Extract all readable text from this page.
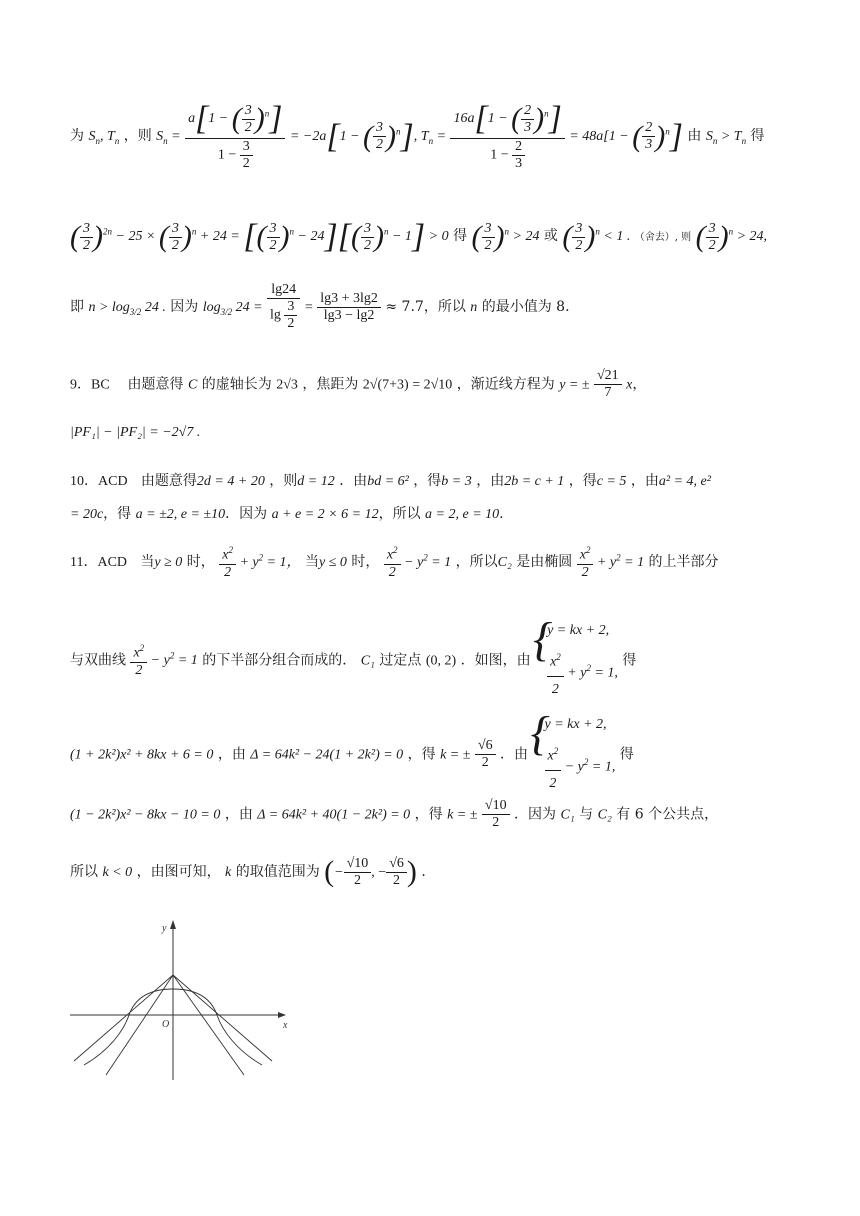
为 $S_n$, $T_n$ ，则 $S_n = \frac{a[1 - ( \frac{3}{2} )^n]}{1 - \frac{3}{2}} = -2a[1$ − ( $\frac{3}{2} )^n$], $T_n = \frac{16a[1 - ( \frac{2}{3} )^n]}{1 - \frac{2}{3}} = 48a[1$ − ( $\frac{2}{3} )^n$] 由 $S_n > T_n$ 得
( $\frac{3}{2} )^{2n} - 25$ × ( $\frac{3}{2} )^n + 24$ = [( $\frac{3}{2} )^n - 24][( \frac{3}{2} )^n - 1] > 0$ 得 ( $\frac{3}{2} )^n > 24$ 或 ( $\frac{3}{2} )^n < 1$ . （舍去）, 则 ( $\frac{3}{2} )^n > 24$,
即 $n > \log_{3/2} 24$ . 因为 $\log_{3/2} 24 = \frac{\lg 24}{\lg \frac{3}{2}} = \frac{\lg 3 + 3\lg 2}{\lg 3 - \lg 2} \approx 7.7$，所以 n 的最小值为 8.
9．BC 由题意得 C 的虚轴长为 2√3 ，焦距为 2√(7+3) = 2√10 ，渐近线方程为 y = ± $\frac{√21}{7}$ x，
|PF₁| − |PF₂| = −2√7 .
10．ACD 由题意得2d = 4 + 20 ，则d = 12 ．由bd = 6² ，得b = 3 ，由2b = c + 1 ，得c = 5 ，由a² = 4, e²
= 20c，得 a = ±2, e = ±10．因为 a + e = 2 × 6 = 12，所以 a = 2, e = 10.
11．ACD 当y ≥ 0 时， $\frac{x^2}{2} + y^2 = 1$， 当y ≤ 0 时， $\frac{x^2}{2} - y^2 = 1$ ，所以C₂ 是由椭圆 $\frac{x^2}{2} + y^2 = 1$ 的上半部分
与双曲线 $\frac{x^2}{2} - y^2 = 1$ 的下半部分组合而成的． C₁ 过定点 (0, 2) ．如图，由
{ y = kx + 2,
$\frac{x^2}{2} + y^2 = 1$,
得
(1 + 2k²)x² + 8kx + 6 = 0 ，由 Δ = 64k² − 24(1 + 2k²) = 0 ，得 k = ± $\frac{√6}{2}$ ．由
{ y = kx + 2,
$\frac{x^2}{2} - y^2 = 1$,
得
(1 − 2k²)x² − 8kx − 10 = 0 ，由 Δ = 64k² + 40(1 − 2k²) = 0 ，得 k = ± $\frac{√10}{2}$ ．因为 C₁ 与 C₂ 有 6 个公共点，
所以 k < 0 ，由图可知， k 的取值范围为 (− $\frac{√10}{2}$ , − $\frac{√6}{2}$ ) .
y
x
O
